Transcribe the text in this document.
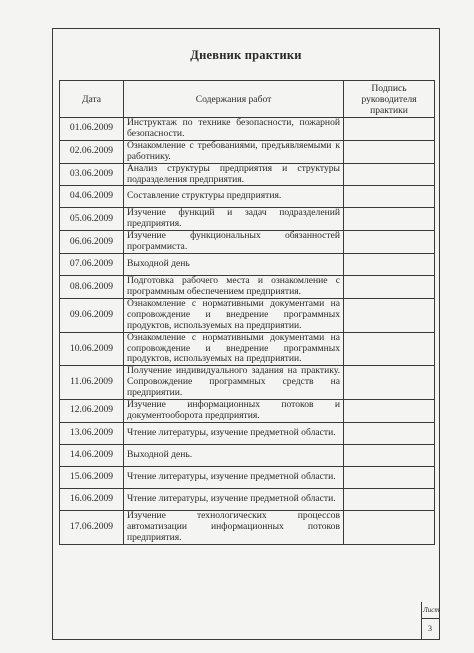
Дневник практики
Дата	Содержания работ	Подпись руководителя практики
01.06.2009	Инструктаж по технике безопасности, пожарной безопасности.	
02.06.2009	Ознакомление с требованиями, предъявляемыми к работнику.	
03.06.2009	Анализ структуры предприятия и структуры подразделения предприятия.	
04.06.2009	Составление структуры предприятия.	
05.06.2009	Изучение функций и задач подразделений предприятия.	
06.06.2009	Изучение функциональных обязанностей программиста.	
07.06.2009	Выходной день	
08.06.2009	Подготовка рабочего места и ознакомление с программным обеспечением предприятия.	
09.06.2009	Ознакомление с нормативными документами на сопровождение и внедрение программных продуктов, используемых на предприятии.	
10.06.2009	Ознакомление с нормативными документами на сопровождение и внедрение программных продуктов, используемых на предприятии.	
11.06.2009	Получение индивидуального задания на практику. Сопровождение программных средств на предприятии.	
12.06.2009	Изучение информационных потоков и документооборота предприятия.	
13.06.2009	Чтение литературы, изучение предметной области.	
14.06.2009	Выходной день.	
15.06.2009	Чтение литературы, изучение предметной области.	
16.06.2009	Чтение литературы, изучение предметной области.	
17.06.2009	Изучение технологических процессов автоматизации информационных потоков предприятия.	
Лист
3
